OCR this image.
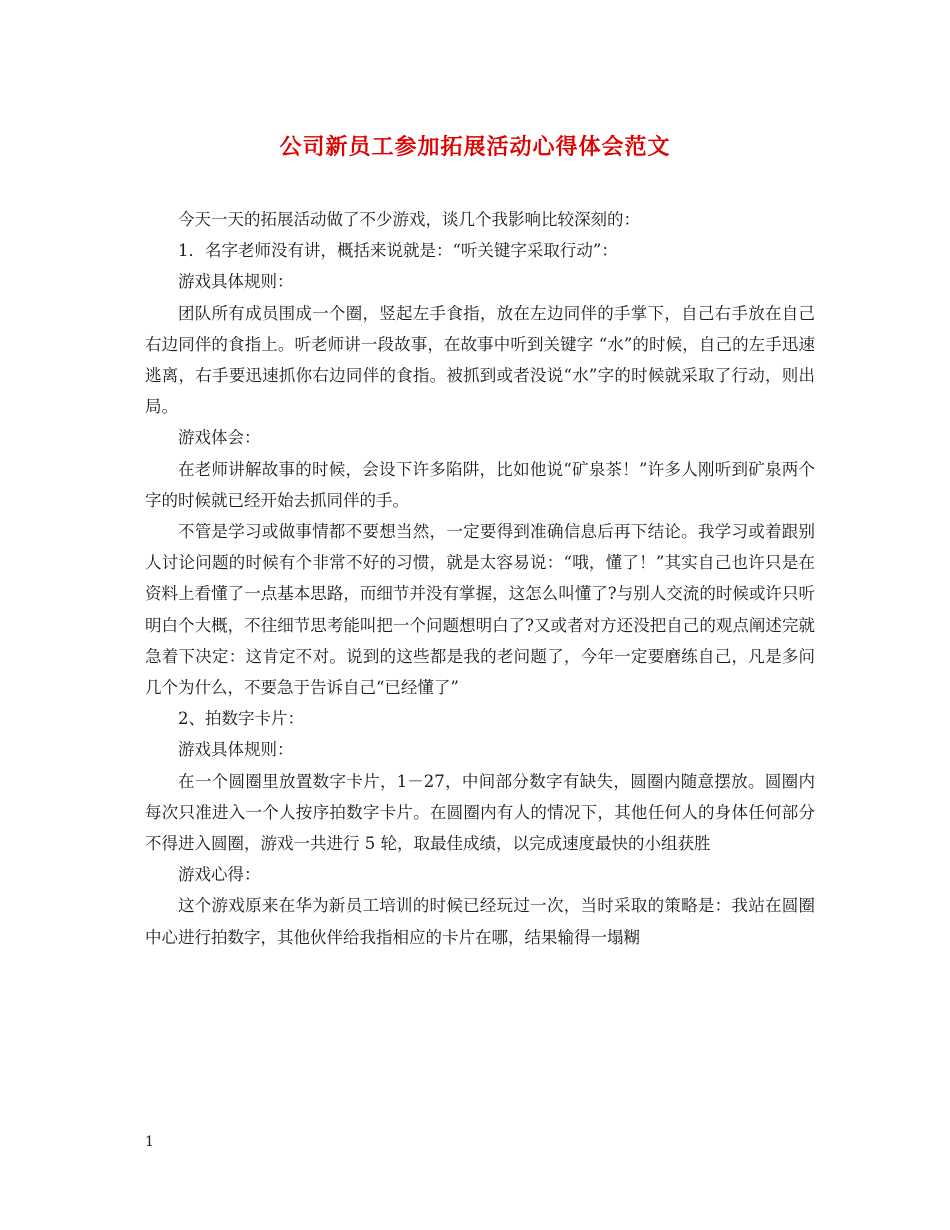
公司新员工参加拓展活动心得体会范文

今天一天的拓展活动做了不少游戏，谈几个我影响比较深刻的：

1．名字老师没有讲，概括来说就是：“听关键字采取行动”：

游戏具体规则：

团队所有成员围成一个圈，竖起左手食指，放在左边同伴的手掌下，自己右手放在自己右边同伴的食指上。听老师讲一段故事，在故事中听到关键字 “水”的时候，自己的左手迅速逃离，右手要迅速抓你右边同伴的食指。被抓到或者没说“水”字的时候就采取了行动，则出局。

游戏体会：

在老师讲解故事的时候，会设下许多陷阱，比如他说“矿泉茶！”许多人刚听到矿泉两个字的时候就已经开始去抓同伴的手。

不管是学习或做事情都不要想当然，一定要得到准确信息后再下结论。我学习或着跟别人讨论问题的时候有个非常不好的习惯，就是太容易说：“哦，懂了！”其实自己也许只是在资料上看懂了一点基本思路，而细节并没有掌握，这怎么叫懂了?与别人交流的时候或许只听明白个大概，不往细节思考能叫把一个问题想明白了?又或者对方还没把自己的观点阐述完就急着下决定：这肯定不对。说到的这些都是我的老问题了，今年一定要磨练自己，凡是多问几个为什么，不要急于告诉自己“已经懂了”

2、拍数字卡片：

游戏具体规则：

在一个圆圈里放置数字卡片，1－27，中间部分数字有缺失，圆圈内随意摆放。圆圈内每次只准进入一个人按序拍数字卡片。在圆圈内有人的情况下，其他任何人的身体任何部分不得进入圆圈，游戏一共进行 5 轮，取最佳成绩，以完成速度最快的小组获胜

游戏心得：

这个游戏原来在华为新员工培训的时候已经玩过一次，当时采取的策略是：我站在圆圈中心进行拍数字，其他伙伴给我指相应的卡片在哪，结果输得一塌糊

1
